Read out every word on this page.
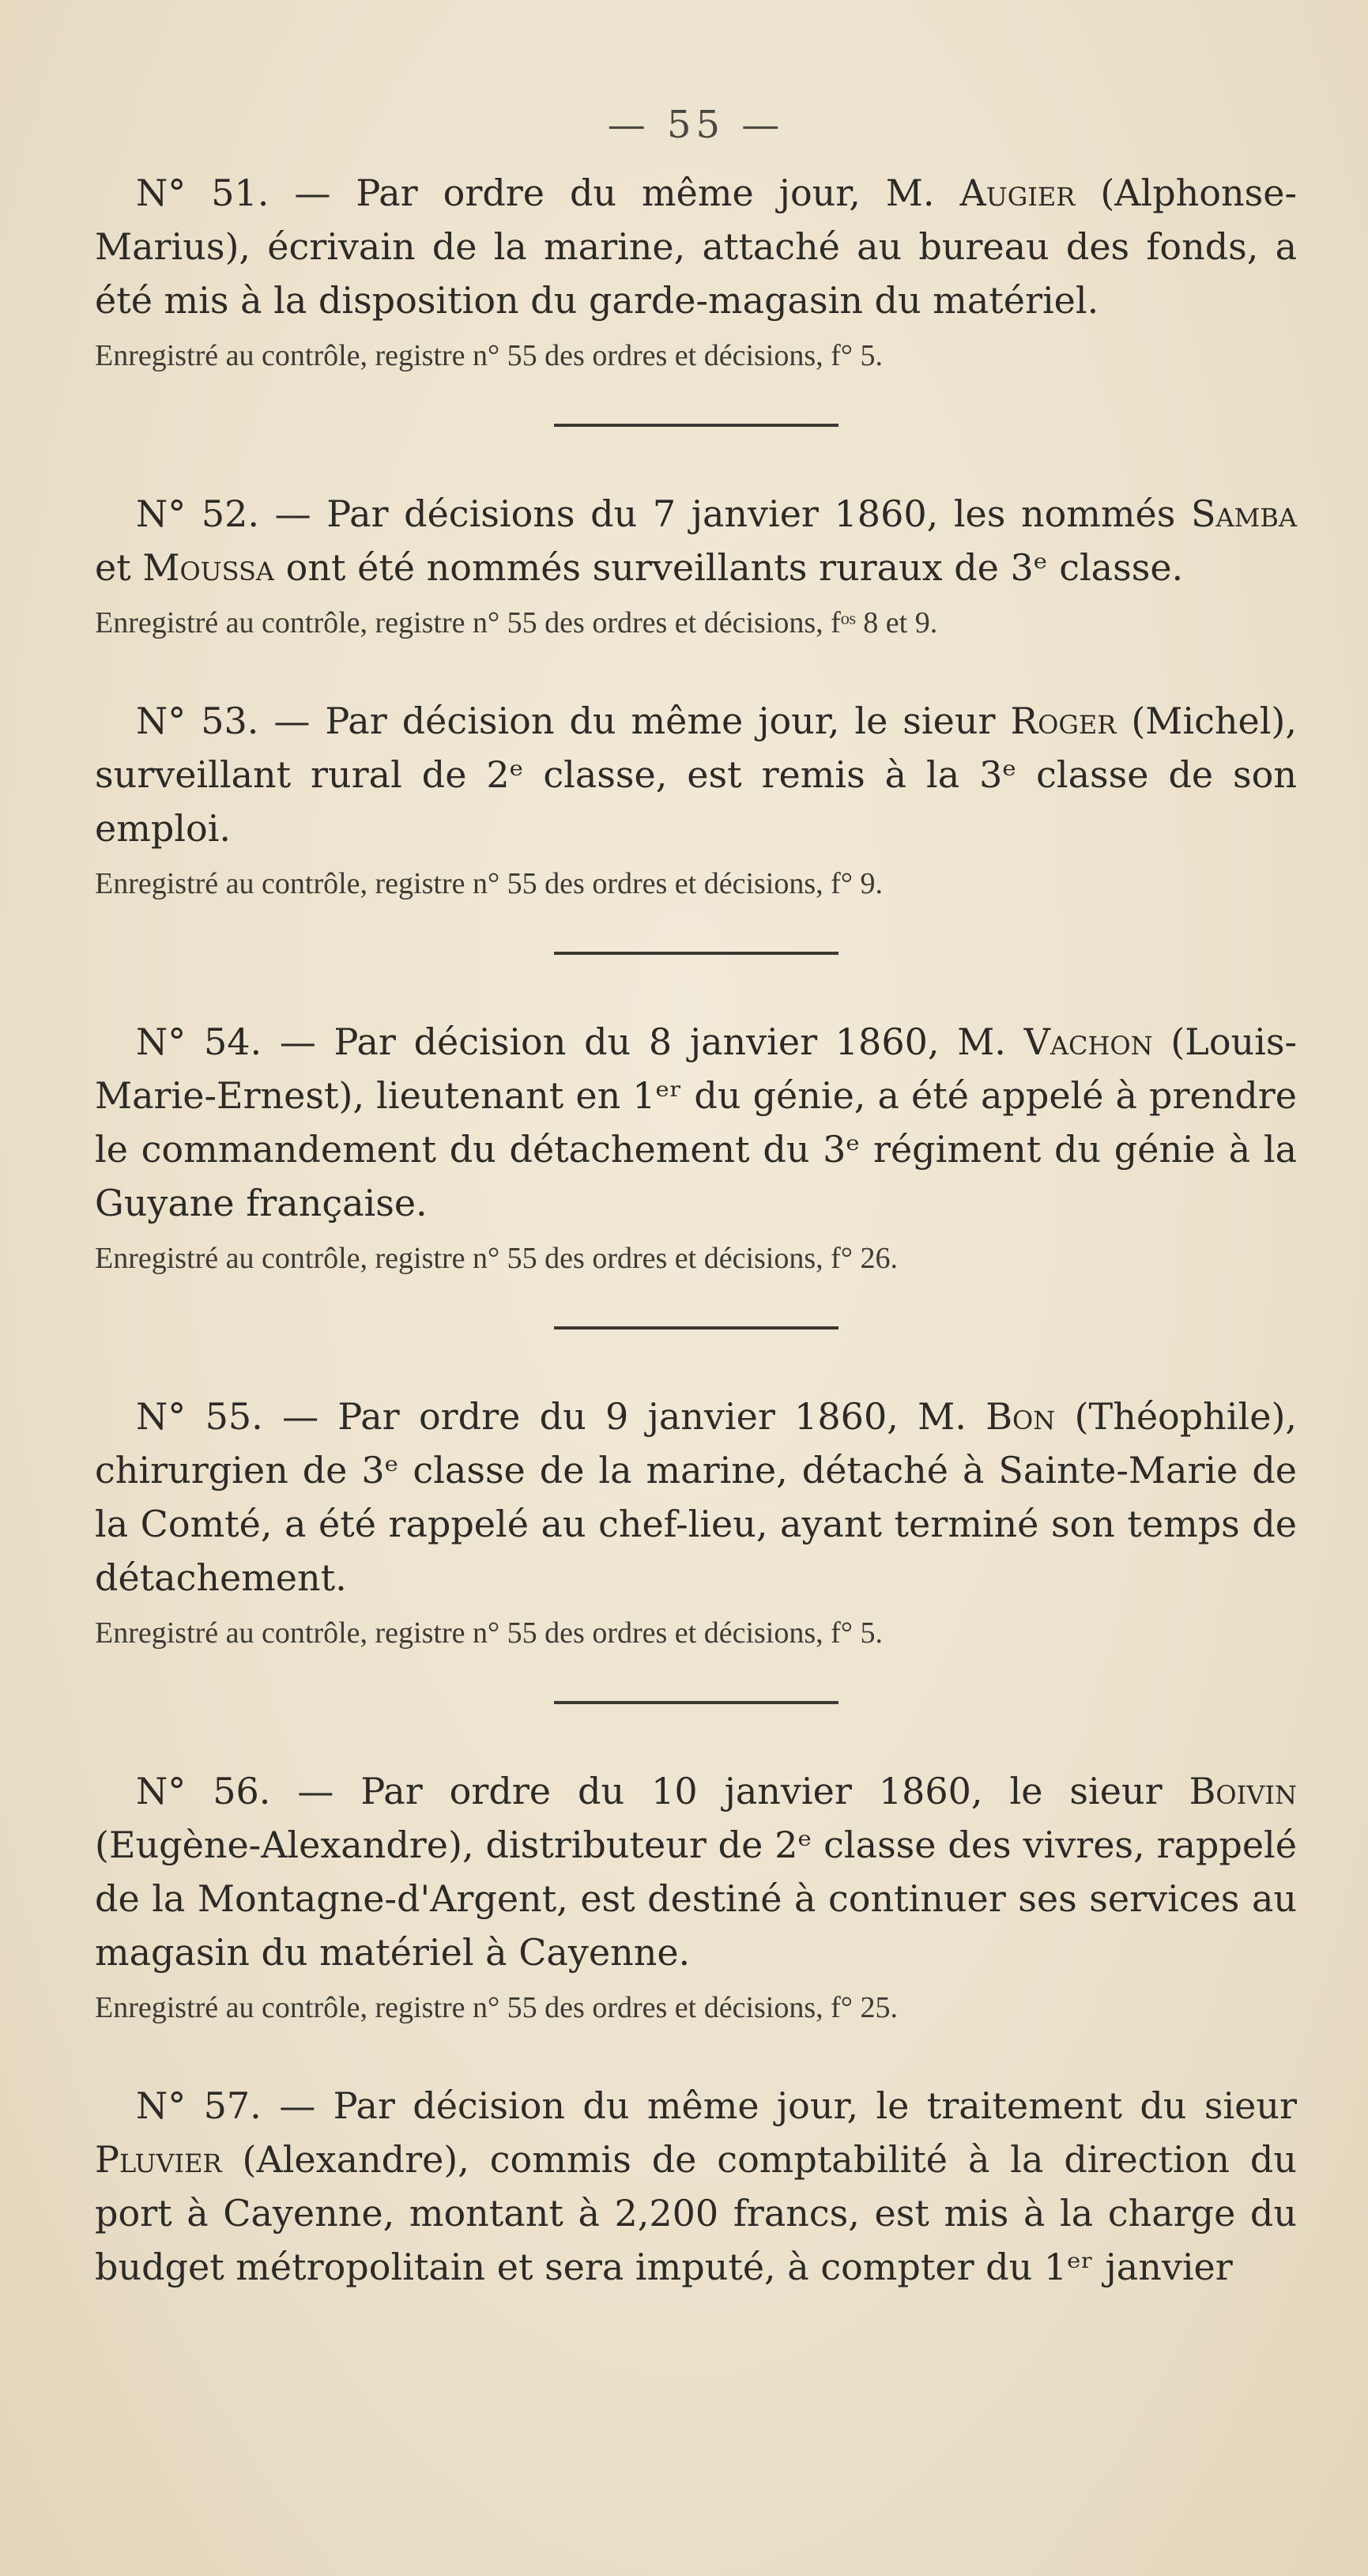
— 55 —

N° 51. — Par ordre du même jour, M. Augier (Alphonse-Marius), écrivain de la marine, attaché au bureau des fonds, a été mis à la disposition du garde-magasin du matériel.

Enregistré au contrôle, registre n° 55 des ordres et décisions, f° 5.

N° 52. — Par décisions du 7 janvier 1860, les nommés Samba et Moussa ont été nommés surveillants ruraux de 3ᵉ classe.

Enregistré au contrôle, registre n° 55 des ordres et décisions, fᵒˢ 8 et 9.

N° 53. — Par décision du même jour, le sieur Roger (Michel), surveillant rural de 2ᵉ classe, est remis à la 3ᵉ classe de son emploi.

Enregistré au contrôle, registre n° 55 des ordres et décisions, f° 9.

N° 54. — Par décision du 8 janvier 1860, M. Vachon (Louis-Marie-Ernest), lieutenant en 1ᵉʳ du génie, a été appelé à prendre le commandement du détachement du 3ᵉ régiment du génie à la Guyane française.

Enregistré au contrôle, registre n° 55 des ordres et décisions, f° 26.

N° 55. — Par ordre du 9 janvier 1860, M. Bon (Théophile), chirurgien de 3ᵉ classe de la marine, détaché à Sainte-Marie de la Comté, a été rappelé au chef-lieu, ayant terminé son temps de détachement.

Enregistré au contrôle, registre n° 55 des ordres et décisions, f° 5.

N° 56. — Par ordre du 10 janvier 1860, le sieur Boivin (Eugène-Alexandre), distributeur de 2ᵉ classe des vivres, rappelé de la Montagne-d'Argent, est destiné à continuer ses services au magasin du matériel à Cayenne.

Enregistré au contrôle, registre n° 55 des ordres et décisions, f° 25.

N° 57. — Par décision du même jour, le traitement du sieur Pluvier (Alexandre), commis de comptabilité à la direction du port à Cayenne, montant à 2,200 francs, est mis à la charge du budget métropolitain et sera imputé, à compter du 1ᵉʳ janvier
